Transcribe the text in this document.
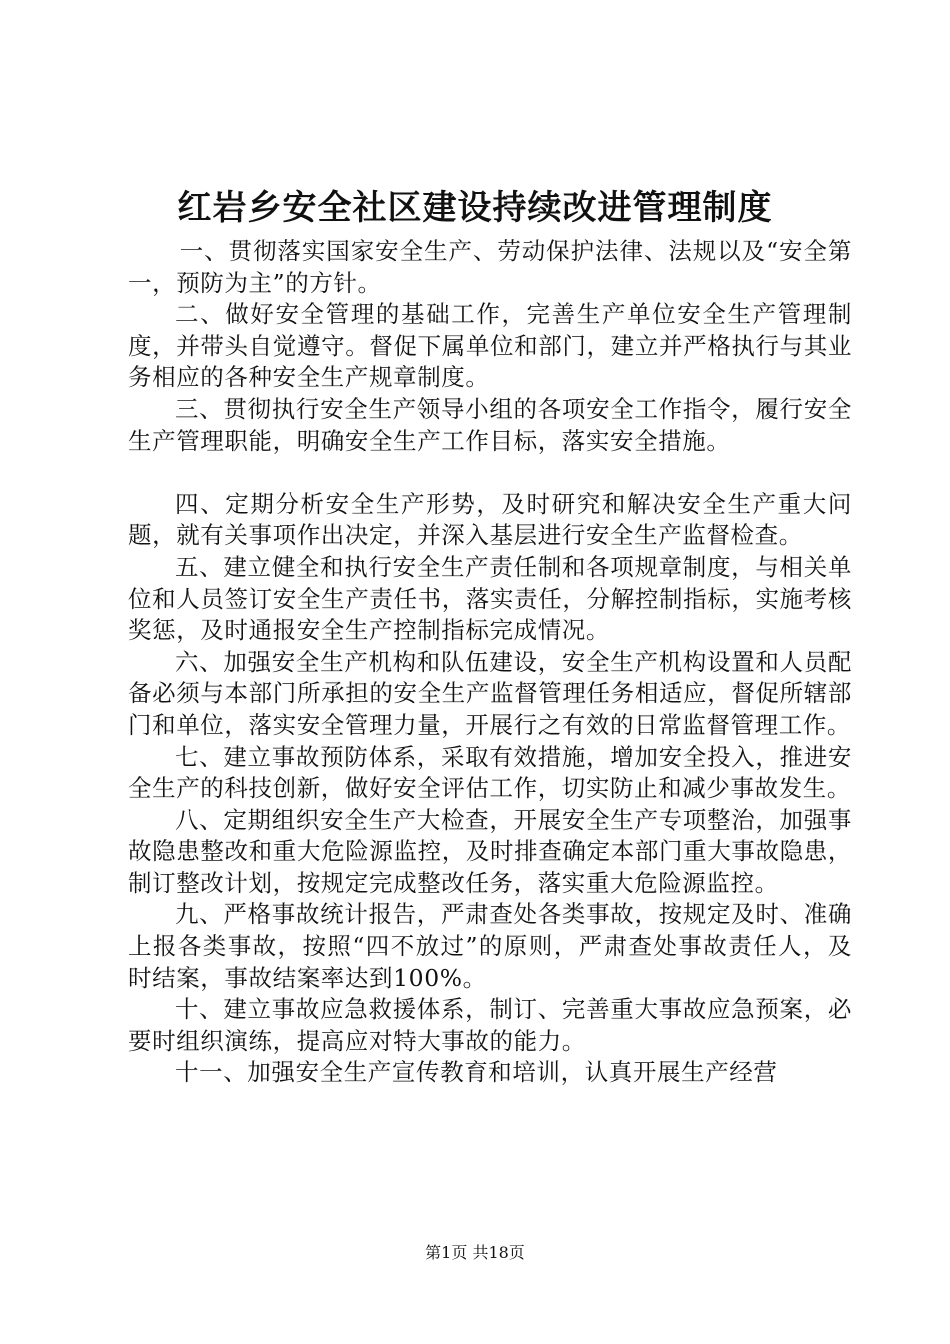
红岩乡安全社区建设持续改进管理制度

一、贯彻落实国家安全生产、劳动保护法律、法规以及“安全第一，预防为主”的方针。

二、做好安全管理的基础工作，完善生产单位安全生产管理制度，并带头自觉遵守。督促下属单位和部门，建立并严格执行与其业务相应的各种安全生产规章制度。

三、贯彻执行安全生产领导小组的各项安全工作指令，履行安全生产管理职能，明确安全生产工作目标，落实安全措施。

四、定期分析安全生产形势，及时研究和解决安全生产重大问题，就有关事项作出决定，并深入基层进行安全生产监督检查。

五、建立健全和执行安全生产责任制和各项规章制度，与相关单位和人员签订安全生产责任书，落实责任，分解控制指标，实施考核奖惩，及时通报安全生产控制指标完成情况。

六、加强安全生产机构和队伍建设，安全生产机构设置和人员配备必须与本部门所承担的安全生产监督管理任务相适应，督促所辖部门和单位，落实安全管理力量，开展行之有效的日常监督管理工作。

七、建立事故预防体系，采取有效措施，增加安全投入，推进安全生产的科技创新，做好安全评估工作，切实防止和减少事故发生。

八、定期组织安全生产大检查，开展安全生产专项整治，加强事故隐患整改和重大危险源监控，及时排查确定本部门重大事故隐患，制订整改计划，按规定完成整改任务，落实重大危险源监控。

九、严格事故统计报告，严肃查处各类事故，按规定及时、准确上报各类事故，按照“四不放过”的原则，严肃查处事故责任人，及时结案，事故结案率达到100%。

十、建立事故应急救援体系，制订、完善重大事故应急预案，必要时组织演练，提高应对特大事故的能力。

十一、加强安全生产宣传教育和培训，认真开展生产经营

第1页 共18页
